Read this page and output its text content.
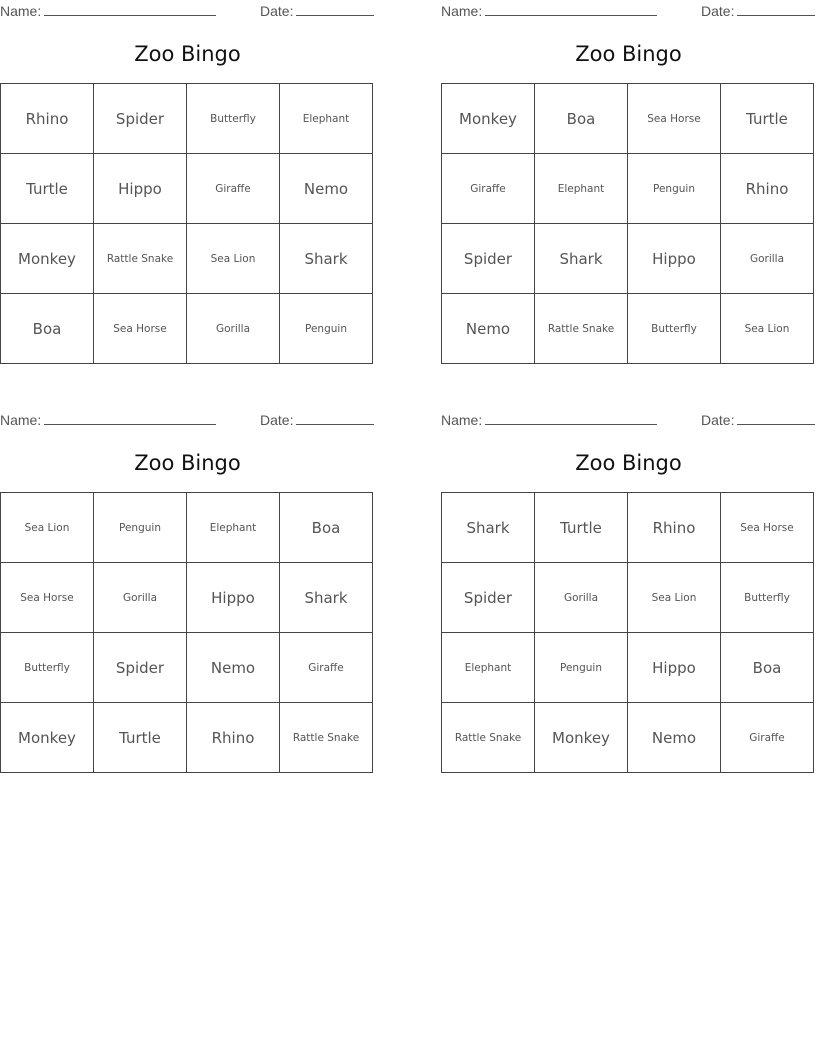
Name:	Date:
Zoo Bingo
Rhino	Spider	Butterfly	Elephant
Turtle	Hippo	Giraffe	Nemo
Monkey	Rattle Snake	Sea Lion	Shark
Boa	Sea Horse	Gorilla	Penguin
Name:	Date:
Zoo Bingo
Monkey	Boa	Sea Horse	Turtle
Giraffe	Elephant	Penguin	Rhino
Spider	Shark	Hippo	Gorilla
Nemo	Rattle Snake	Butterfly	Sea Lion
Name:	Date:
Zoo Bingo
Sea Lion	Penguin	Elephant	Boa
Sea Horse	Gorilla	Hippo	Shark
Butterfly	Spider	Nemo	Giraffe
Monkey	Turtle	Rhino	Rattle Snake
Name:	Date:
Zoo Bingo
Shark	Turtle	Rhino	Sea Horse
Spider	Gorilla	Sea Lion	Butterfly
Elephant	Penguin	Hippo	Boa
Rattle Snake	Monkey	Nemo	Giraffe
